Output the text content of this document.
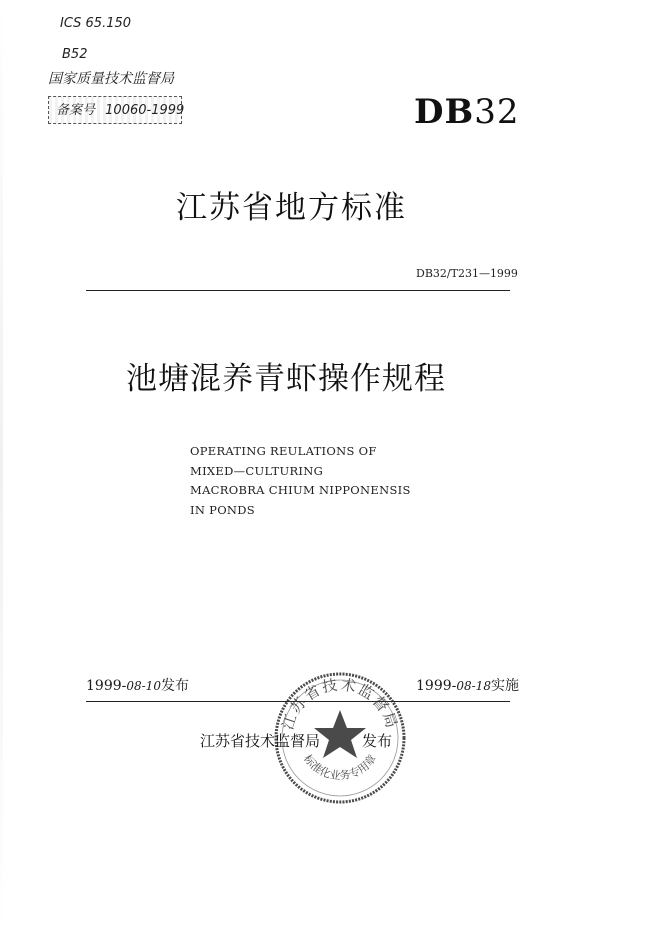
ICS 65.150
B52
国家质量技术监督局
备案号 10060-1999	DB32
江苏省地方标准
DB32/T231—1999
池塘混养青虾操作规程
OPERATING REULATIONS OF
MIXED—CULTURING
MACROBRA CHIUM NIPPONENSIS
IN PONDS
1999-08-10发布	1999-08-18实施
江苏省技术监督局
标准化业务专用章
江苏省技术监督局	发布
